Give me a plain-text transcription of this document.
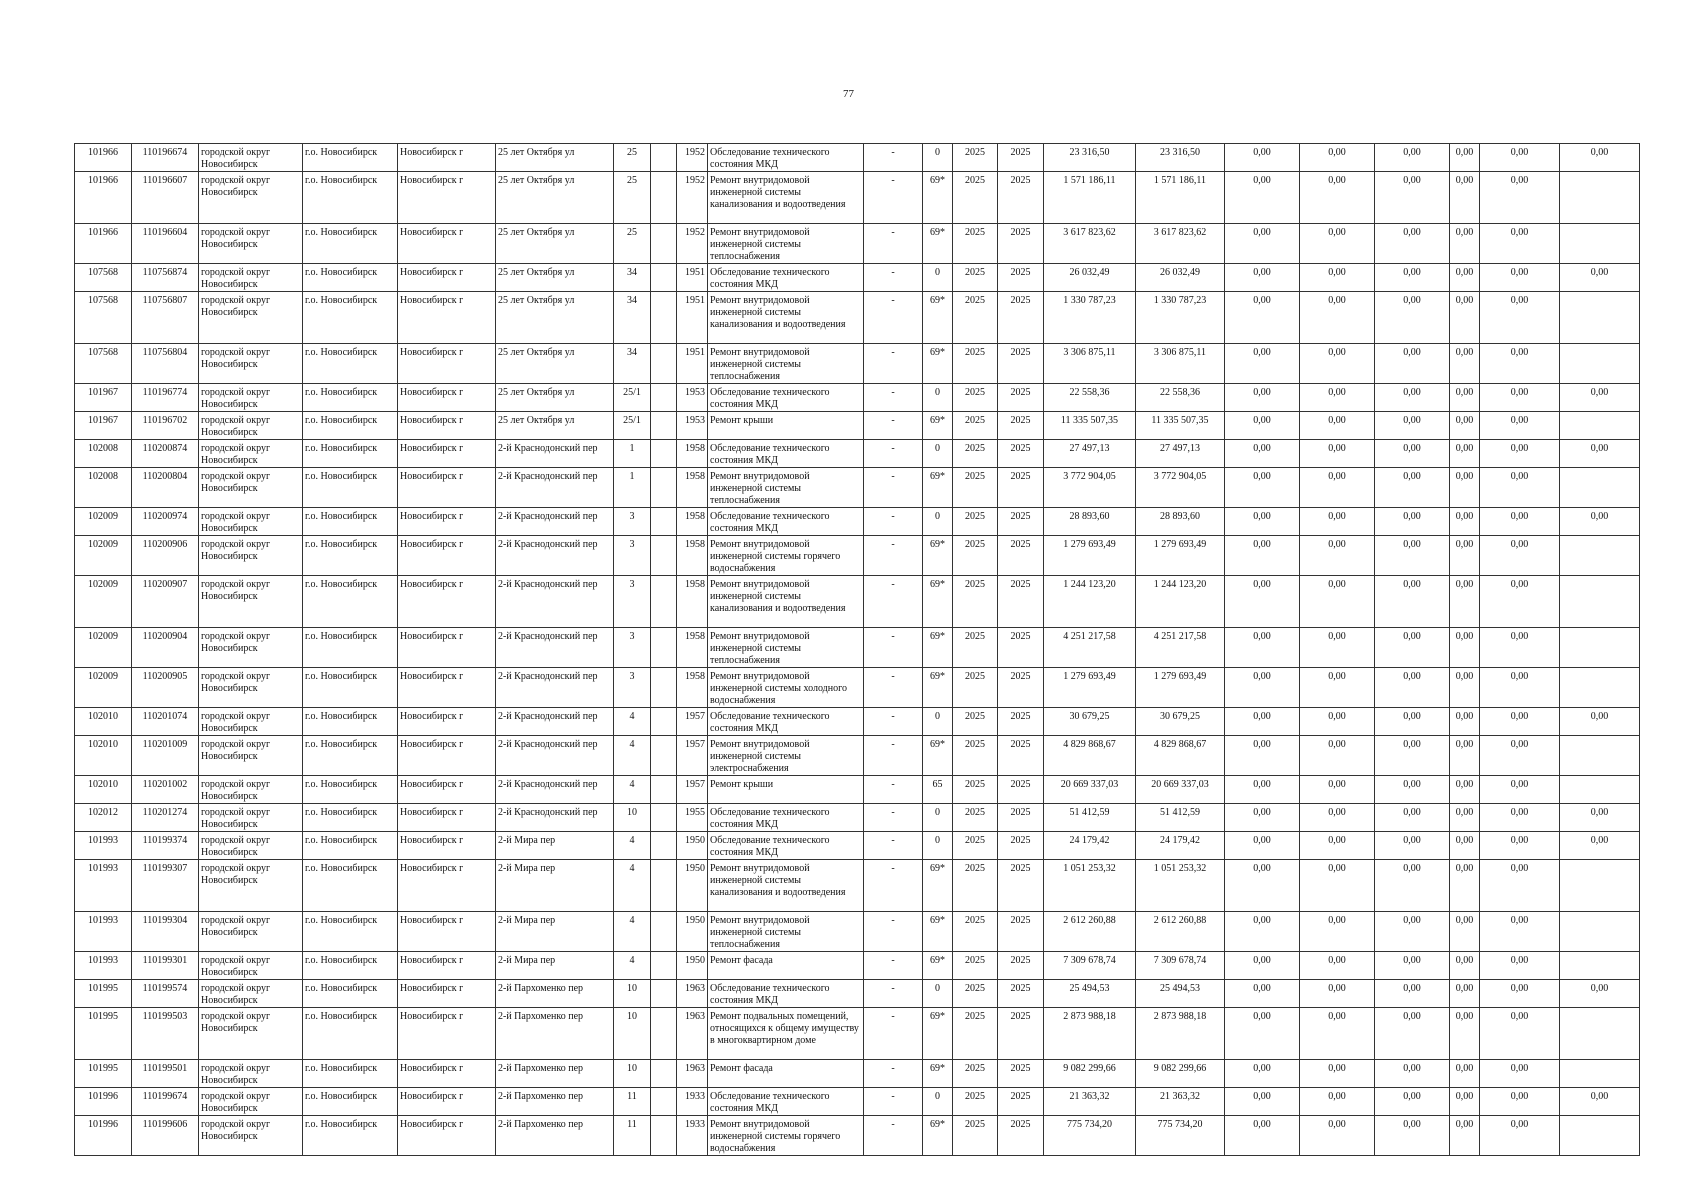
77
101966	110196674	городской округ Новосибирск	г.о. Новосибирск	Новосибирск г	25 лет Октября ул	25		1952	Обследование технического состояния МКД	-	0	2025	2025	23 316,50	23 316,50	0,00	0,00	0,00	0,00	0,00	0,00
101966	110196607	городской округ Новосибирск	г.о. Новосибирск	Новосибирск г	25 лет Октября ул	25		1952	Ремонт внутридомовой инженерной системы канализования и водоотведения	-	69*	2025	2025	1 571 186,11	1 571 186,11	0,00	0,00	0,00	0,00	0,00	
101966	110196604	городской округ Новосибирск	г.о. Новосибирск	Новосибирск г	25 лет Октября ул	25		1952	Ремонт внутридомовой инженерной системы теплоснабжения	-	69*	2025	2025	3 617 823,62	3 617 823,62	0,00	0,00	0,00	0,00	0,00	
107568	110756874	городской округ Новосибирск	г.о. Новосибирск	Новосибирск г	25 лет Октября ул	34		1951	Обследование технического состояния МКД	-	0	2025	2025	26 032,49	26 032,49	0,00	0,00	0,00	0,00	0,00	0,00
107568	110756807	городской округ Новосибирск	г.о. Новосибирск	Новосибирск г	25 лет Октября ул	34		1951	Ремонт внутридомовой инженерной системы канализования и водоотведения	-	69*	2025	2025	1 330 787,23	1 330 787,23	0,00	0,00	0,00	0,00	0,00	
107568	110756804	городской округ Новосибирск	г.о. Новосибирск	Новосибирск г	25 лет Октября ул	34		1951	Ремонт внутридомовой инженерной системы теплоснабжения	-	69*	2025	2025	3 306 875,11	3 306 875,11	0,00	0,00	0,00	0,00	0,00	
101967	110196774	городской округ Новосибирск	г.о. Новосибирск	Новосибирск г	25 лет Октября ул	25/1		1953	Обследование технического состояния МКД	-	0	2025	2025	22 558,36	22 558,36	0,00	0,00	0,00	0,00	0,00	0,00
101967	110196702	городской округ Новосибирск	г.о. Новосибирск	Новосибирск г	25 лет Октября ул	25/1		1953	Ремонт крыши	-	69*	2025	2025	11 335 507,35	11 335 507,35	0,00	0,00	0,00	0,00	0,00	
102008	110200874	городской округ Новосибирск	г.о. Новосибирск	Новосибирск г	2-й Краснодонский пер	1		1958	Обследование технического состояния МКД	-	0	2025	2025	27 497,13	27 497,13	0,00	0,00	0,00	0,00	0,00	0,00
102008	110200804	городской округ Новосибирск	г.о. Новосибирск	Новосибирск г	2-й Краснодонский пер	1		1958	Ремонт внутридомовой инженерной системы теплоснабжения	-	69*	2025	2025	3 772 904,05	3 772 904,05	0,00	0,00	0,00	0,00	0,00	
102009	110200974	городской округ Новосибирск	г.о. Новосибирск	Новосибирск г	2-й Краснодонский пер	3		1958	Обследование технического состояния МКД	-	0	2025	2025	28 893,60	28 893,60	0,00	0,00	0,00	0,00	0,00	0,00
102009	110200906	городской округ Новосибирск	г.о. Новосибирск	Новосибирск г	2-й Краснодонский пер	3		1958	Ремонт внутридомовой инженерной системы горячего водоснабжения	-	69*	2025	2025	1 279 693,49	1 279 693,49	0,00	0,00	0,00	0,00	0,00	
102009	110200907	городской округ Новосибирск	г.о. Новосибирск	Новосибирск г	2-й Краснодонский пер	3		1958	Ремонт внутридомовой инженерной системы канализования и водоотведения	-	69*	2025	2025	1 244 123,20	1 244 123,20	0,00	0,00	0,00	0,00	0,00	
102009	110200904	городской округ Новосибирск	г.о. Новосибирск	Новосибирск г	2-й Краснодонский пер	3		1958	Ремонт внутридомовой инженерной системы теплоснабжения	-	69*	2025	2025	4 251 217,58	4 251 217,58	0,00	0,00	0,00	0,00	0,00	
102009	110200905	городской округ Новосибирск	г.о. Новосибирск	Новосибирск г	2-й Краснодонский пер	3		1958	Ремонт внутридомовой инженерной системы холодного водоснабжения	-	69*	2025	2025	1 279 693,49	1 279 693,49	0,00	0,00	0,00	0,00	0,00	
102010	110201074	городской округ Новосибирск	г.о. Новосибирск	Новосибирск г	2-й Краснодонский пер	4		1957	Обследование технического состояния МКД	-	0	2025	2025	30 679,25	30 679,25	0,00	0,00	0,00	0,00	0,00	0,00
102010	110201009	городской округ Новосибирск	г.о. Новосибирск	Новосибирск г	2-й Краснодонский пер	4		1957	Ремонт внутридомовой инженерной системы электроснабжения	-	69*	2025	2025	4 829 868,67	4 829 868,67	0,00	0,00	0,00	0,00	0,00	
102010	110201002	городской округ Новосибирск	г.о. Новосибирск	Новосибирск г	2-й Краснодонский пер	4		1957	Ремонт крыши	-	65	2025	2025	20 669 337,03	20 669 337,03	0,00	0,00	0,00	0,00	0,00	
102012	110201274	городской округ Новосибирск	г.о. Новосибирск	Новосибирск г	2-й Краснодонский пер	10		1955	Обследование технического состояния МКД	-	0	2025	2025	51 412,59	51 412,59	0,00	0,00	0,00	0,00	0,00	0,00
101993	110199374	городской округ Новосибирск	г.о. Новосибирск	Новосибирск г	2-й Мира пер	4		1950	Обследование технического состояния МКД	-	0	2025	2025	24 179,42	24 179,42	0,00	0,00	0,00	0,00	0,00	0,00
101993	110199307	городской округ Новосибирск	г.о. Новосибирск	Новосибирск г	2-й Мира пер	4		1950	Ремонт внутридомовой инженерной системы канализования и водоотведения	-	69*	2025	2025	1 051 253,32	1 051 253,32	0,00	0,00	0,00	0,00	0,00	
101993	110199304	городской округ Новосибирск	г.о. Новосибирск	Новосибирск г	2-й Мира пер	4		1950	Ремонт внутридомовой инженерной системы теплоснабжения	-	69*	2025	2025	2 612 260,88	2 612 260,88	0,00	0,00	0,00	0,00	0,00	
101993	110199301	городской округ Новосибирск	г.о. Новосибирск	Новосибирск г	2-й Мира пер	4		1950	Ремонт фасада	-	69*	2025	2025	7 309 678,74	7 309 678,74	0,00	0,00	0,00	0,00	0,00	
101995	110199574	городской округ Новосибирск	г.о. Новосибирск	Новосибирск г	2-й Пархоменко пер	10		1963	Обследование технического состояния МКД	-	0	2025	2025	25 494,53	25 494,53	0,00	0,00	0,00	0,00	0,00	0,00
101995	110199503	городской округ Новосибирск	г.о. Новосибирск	Новосибирск г	2-й Пархоменко пер	10		1963	Ремонт подвальных помещений, относящихся к общему имуществу в многоквартирном доме	-	69*	2025	2025	2 873 988,18	2 873 988,18	0,00	0,00	0,00	0,00	0,00	
101995	110199501	городской округ Новосибирск	г.о. Новосибирск	Новосибирск г	2-й Пархоменко пер	10		1963	Ремонт фасада	-	69*	2025	2025	9 082 299,66	9 082 299,66	0,00	0,00	0,00	0,00	0,00	
101996	110199674	городской округ Новосибирск	г.о. Новосибирск	Новосибирск г	2-й Пархоменко пер	11		1933	Обследование технического состояния МКД	-	0	2025	2025	21 363,32	21 363,32	0,00	0,00	0,00	0,00	0,00	0,00
101996	110199606	городской округ Новосибирск	г.о. Новосибирск	Новосибирск г	2-й Пархоменко пер	11		1933	Ремонт внутридомовой инженерной системы горячего водоснабжения	-	69*	2025	2025	775 734,20	775 734,20	0,00	0,00	0,00	0,00	0,00	
